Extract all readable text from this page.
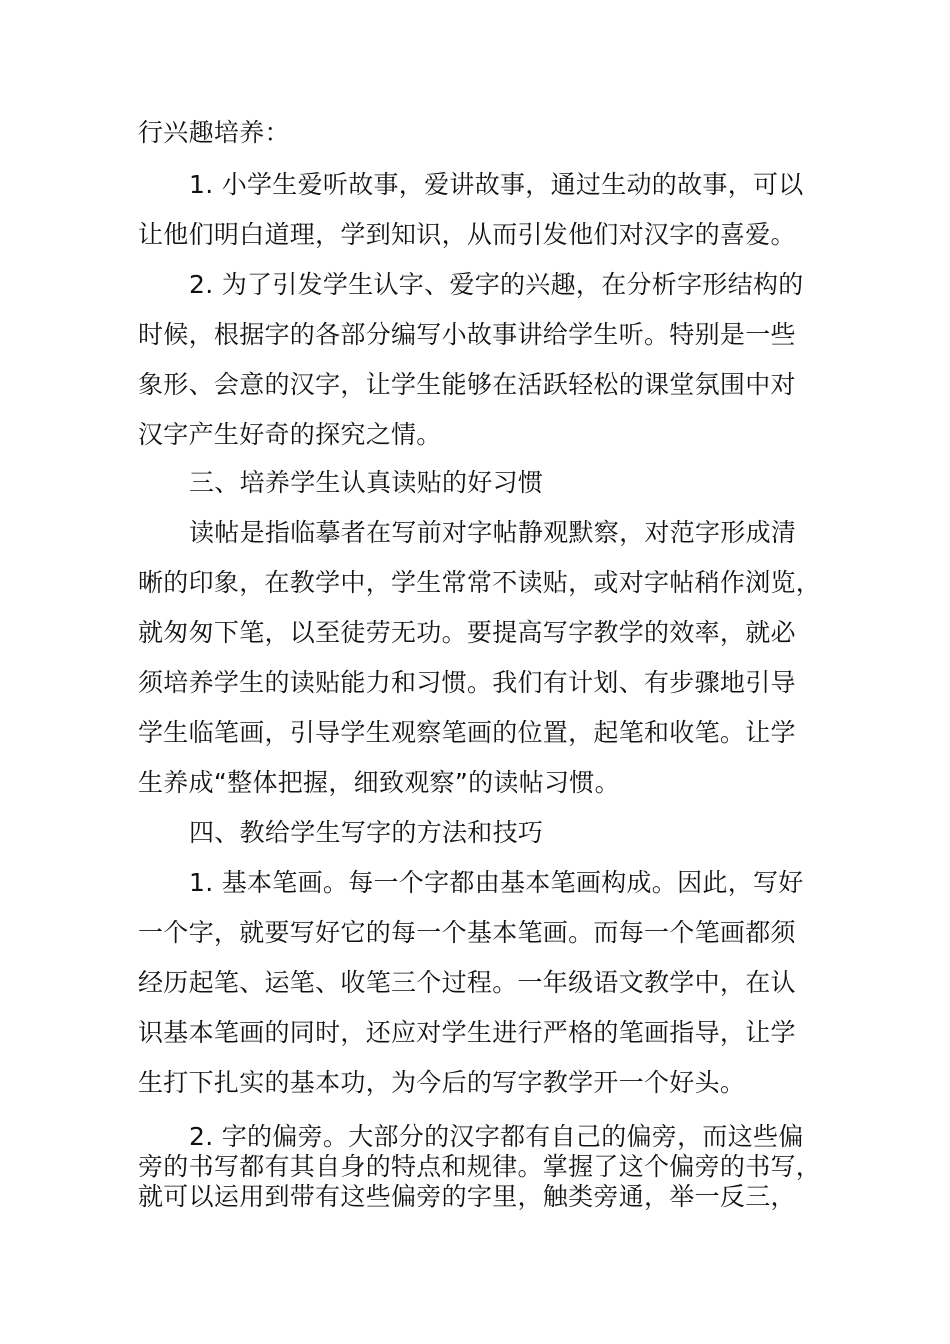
行兴趣培养：
1. 小学生爱听故事，爱讲故事，通过生动的故事，可以
让他们明白道理，学到知识，从而引发他们对汉字的喜爱。
2. 为了引发学生认字、爱字的兴趣，在分析字形结构的
时候，根据字的各部分编写小故事讲给学生听。特别是一些
象形、会意的汉字，让学生能够在活跃轻松的课堂氛围中对
汉字产生好奇的探究之情。
三、培养学生认真读贴的好习惯
读帖是指临摹者在写前对字帖静观默察，对范字形成清
晰的印象，在教学中，学生常常不读贴，或对字帖稍作浏览，
就匆匆下笔，以至徒劳无功。要提高写字教学的效率，就必
须培养学生的读贴能力和习惯。我们有计划、有步骤地引导
学生临笔画，引导学生观察笔画的位置，起笔和收笔。让学
生养成“整体把握，细致观察”的读帖习惯。
四、教给学生写字的方法和技巧
1. 基本笔画。每一个字都由基本笔画构成。因此，写好
一个字，就要写好它的每一个基本笔画。而每一个笔画都须
经历起笔、运笔、收笔三个过程。一年级语文教学中，在认
识基本笔画的同时，还应对学生进行严格的笔画指导，让学
生打下扎实的基本功，为今后的写字教学开一个好头。
2. 字的偏旁。大部分的汉字都有自己的偏旁，而这些偏
旁的书写都有其自身的特点和规律。掌握了这个偏旁的书写，
就可以运用到带有这些偏旁的字里，触类旁通，举一反三，
